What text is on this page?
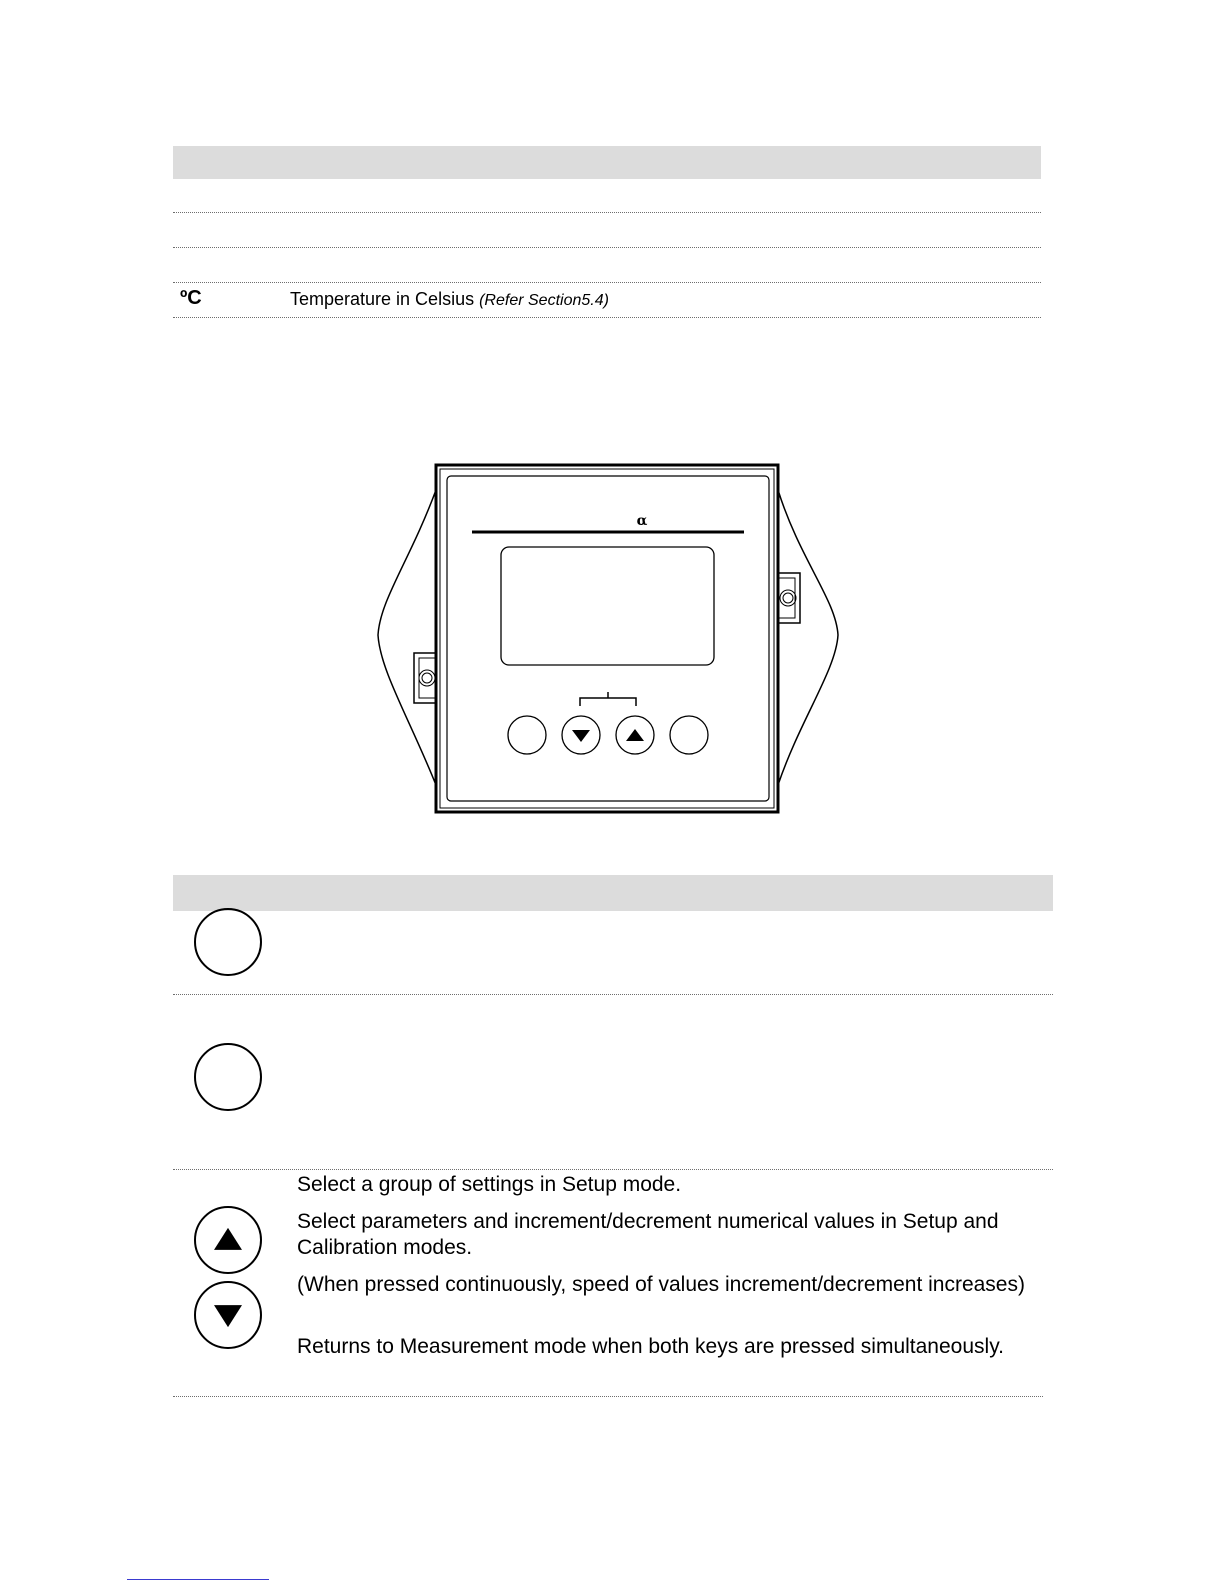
ºC	Temperature in Celsius (Refer Section5.4)
α
Select a group of settings in Setup mode.
Select parameters and increment/decrement numerical values in Setup and Calibration modes.
(When pressed continuously, speed of values increment/decrement increases)
Returns to Measurement mode when both keys are pressed simultaneously.
